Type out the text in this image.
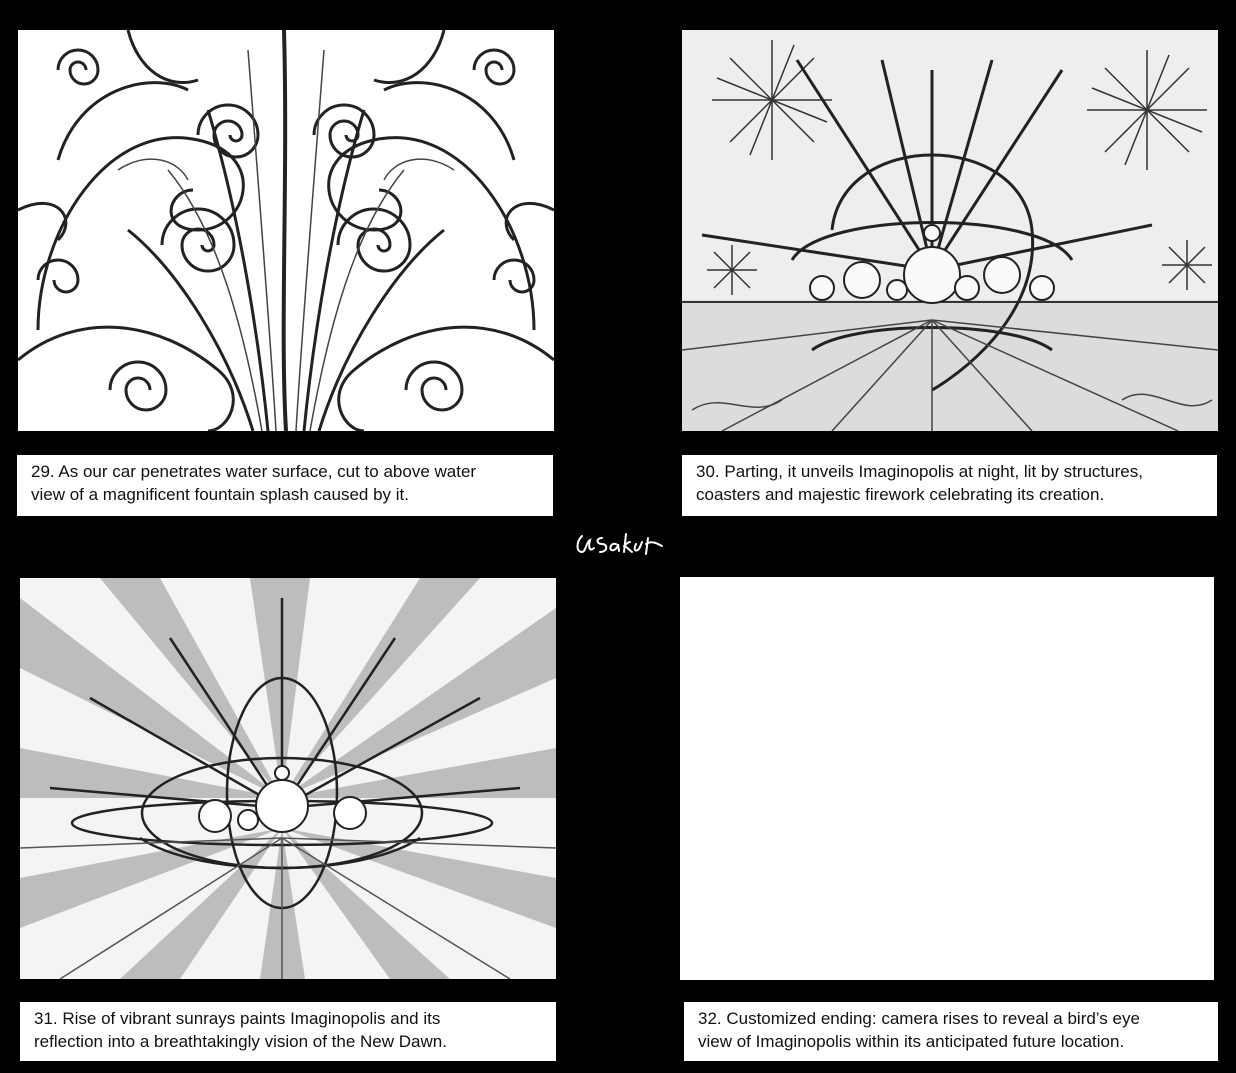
29. As our car penetrates water surface, cut to above water
view of a magnificent fountain splash caused by it.
30. Parting, it unveils Imaginopolis at night, lit by structures,
coasters and majestic firework celebrating its creation.
31. Rise of vibrant sunrays paints Imaginopolis and its
reflection into a breathtakingly vision of the New Dawn.
32. Customized ending: camera rises to reveal a bird’s eye
view of Imaginopolis within its anticipated future location.
